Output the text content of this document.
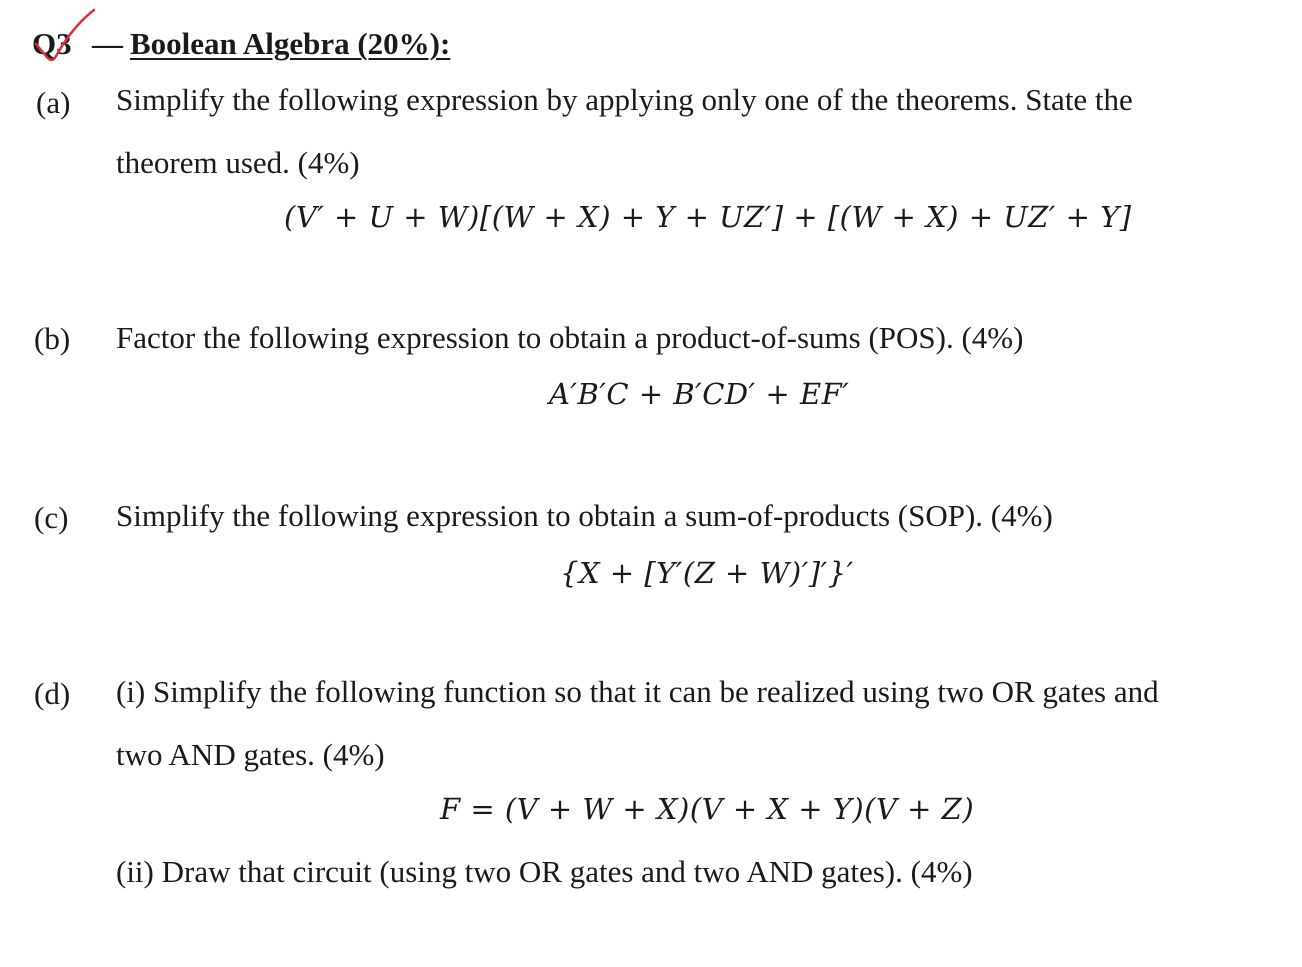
Q3 — Boolean Algebra (20%):
(a) Simplify the following expression by applying only one of the theorems. State the
theorem used. (4%)
(V′ + U + W)[(W + X) + Y + UZ′] + [(W + X) + UZ′ + Y]
(b) Factor the following expression to obtain a product-of-sums (POS). (4%)
A′B′C + B′CD′ + EF′
(c) Simplify the following expression to obtain a sum-of-products (SOP). (4%)
{X + [Y′(Z + W)′]′}′
(d) (i) Simplify the following function so that it can be realized using two OR gates and
two AND gates. (4%)
F = (V + W + X)(V + X + Y)(V + Z)
(ii) Draw that circuit (using two OR gates and two AND gates). (4%)
